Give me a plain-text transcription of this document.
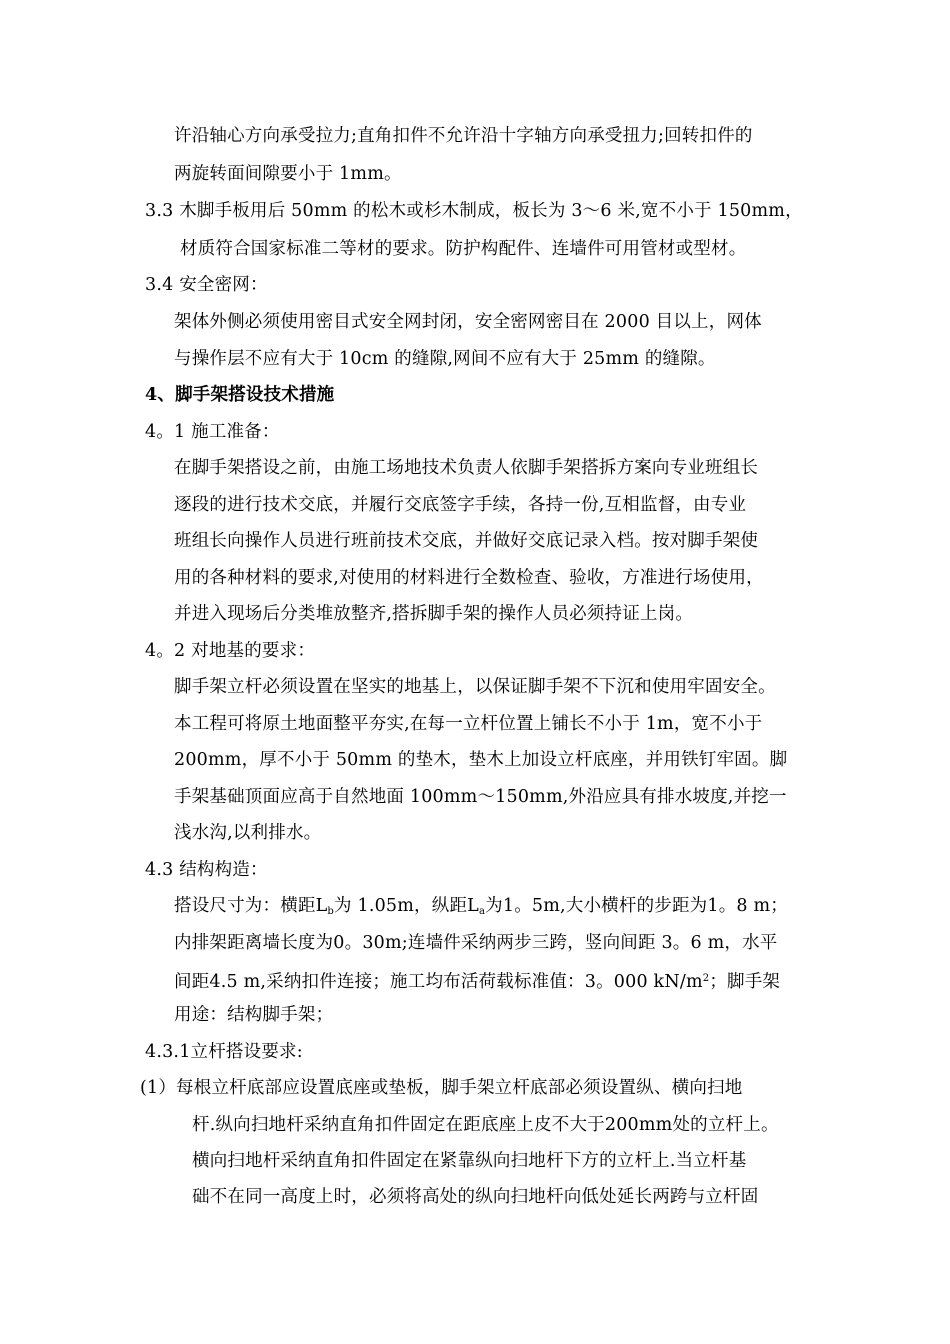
许沿轴心方向承受拉力;直角扣件不允许沿十字轴方向承受扭力;回转扣件的
两旋转面间隙要小于 1mm。
3.3 木脚手板用后 50mm 的松木或杉木制成，板长为 3～6 米,宽不小于 150mm，
材质符合国家标准二等材的要求。防护构配件、连墙件可用管材或型材。
3.4 安全密网：
架体外侧必须使用密目式安全网封闭，安全密网密目在 2000 目以上，网体
与操作层不应有大于 10cm 的缝隙,网间不应有大于 25mm 的缝隙。
4、脚手架搭设技术措施
4。1 施工准备：
在脚手架搭设之前，由施工场地技术负责人依脚手架搭拆方案向专业班组长
逐段的进行技术交底，并履行交底签字手续，各持一份,互相监督，由专业
班组长向操作人员进行班前技术交底，并做好交底记录入档。按对脚手架使
用的各种材料的要求,对使用的材料进行全数检查、验收，方准进行场使用，
并进入现场后分类堆放整齐,搭拆脚手架的操作人员必须持证上岗。
4。2 对地基的要求：
脚手架立杆必须设置在坚实的地基上，以保证脚手架不下沉和使用牢固安全。
本工程可将原土地面整平夯实,在每一立杆位置上铺长不小于 1m，宽不小于
200mm，厚不小于 50mm 的垫木，垫木上加设立杆底座，并用铁钉牢固。脚
手架基础顶面应高于自然地面 100mm～150mm,外沿应具有排水坡度,并挖一
浅水沟,以利排水。
4.3 结构构造：
搭设尺寸为：横距$L_b$为 1.05m，纵距$L_a$为1。5m,大小横杆的步距为1。8 m；
内排架距离墙长度为0。30m;连墙件采纳两步三跨，竖向间距 3。6 m，水平
间距4.5 m,采纳扣件连接；施工均布活荷载标准值：3。000 $kN/m^2$；脚手架
用途：结构脚手架；
4.3.1立杆搭设要求:
(1）每根立杆底部应设置底座或垫板，脚手架立杆底部必须设置纵、横向扫地
杆.纵向扫地杆采纳直角扣件固定在距底座上皮不大于200mm处的立杆上。
横向扫地杆采纳直角扣件固定在紧靠纵向扫地杆下方的立杆上.当立杆基
础不在同一高度上时，必须将高处的纵向扫地杆向低处延长两跨与立杆固
